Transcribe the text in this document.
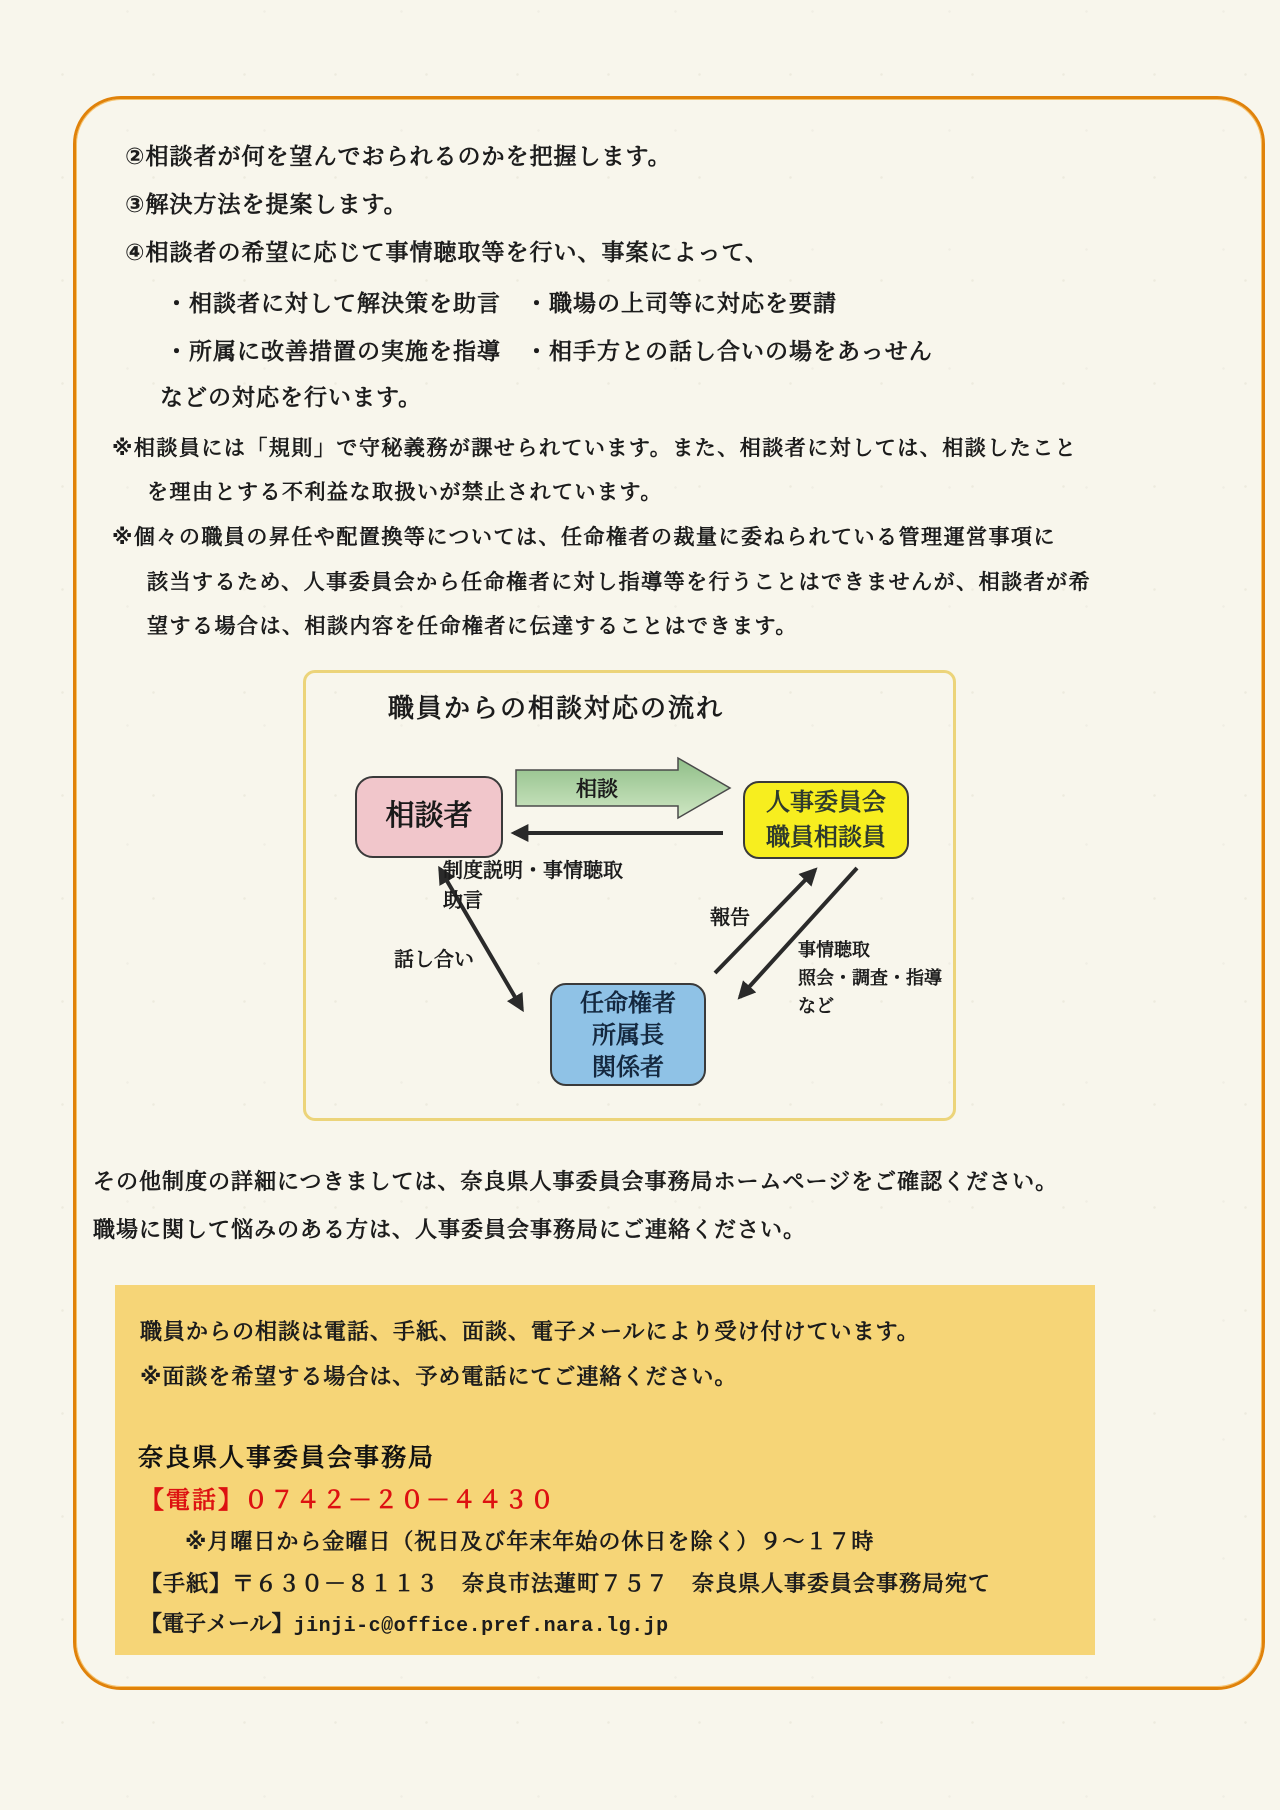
②相談者が何を望んでおられるのかを把握します。
③解決方法を提案します。
④相談者の希望に応じて事情聴取等を行い、事案によって、
・相談者に対して解決策を助言 ・職場の上司等に対応を要請
・所属に改善措置の実施を指導 ・相手方との話し合いの場をあっせん
などの対応を行います。
※相談員には「規則」で守秘義務が課せられています。また、相談者に対しては、相談したこと
を理由とする不利益な取扱いが禁止されています。
※個々の職員の昇任や配置換等については、任命権者の裁量に委ねられている管理運営事項に
該当するため、人事委員会から任命権者に対し指導等を行うことはできませんが、相談者が希
望する場合は、相談内容を任命権者に伝達することはできます。
職員からの相談対応の流れ
相談者	人事委員会
職員相談員
任命権者
所属長
関係者
相談
制度説明・事情聴取
助言
話し合い
報告
事情聴取
照会・調査・指導
など
その他制度の詳細につきましては、奈良県人事委員会事務局ホームページをご確認ください。
職場に関して悩みのある方は、人事委員会事務局にご連絡ください。
職員からの相談は電話、手紙、面談、電子メールにより受け付けています。
※面談を希望する場合は、予め電話にてご連絡ください。
奈良県人事委員会事務局
【電話】０７４２－２０－４４３０
※月曜日から金曜日（祝日及び年末年始の休日を除く）９～１７時
【手紙】〒６３０－８１１３　奈良市法蓮町７５７　奈良県人事委員会事務局宛て
【電子メール】jinji-c@office.pref.nara.lg.jp
